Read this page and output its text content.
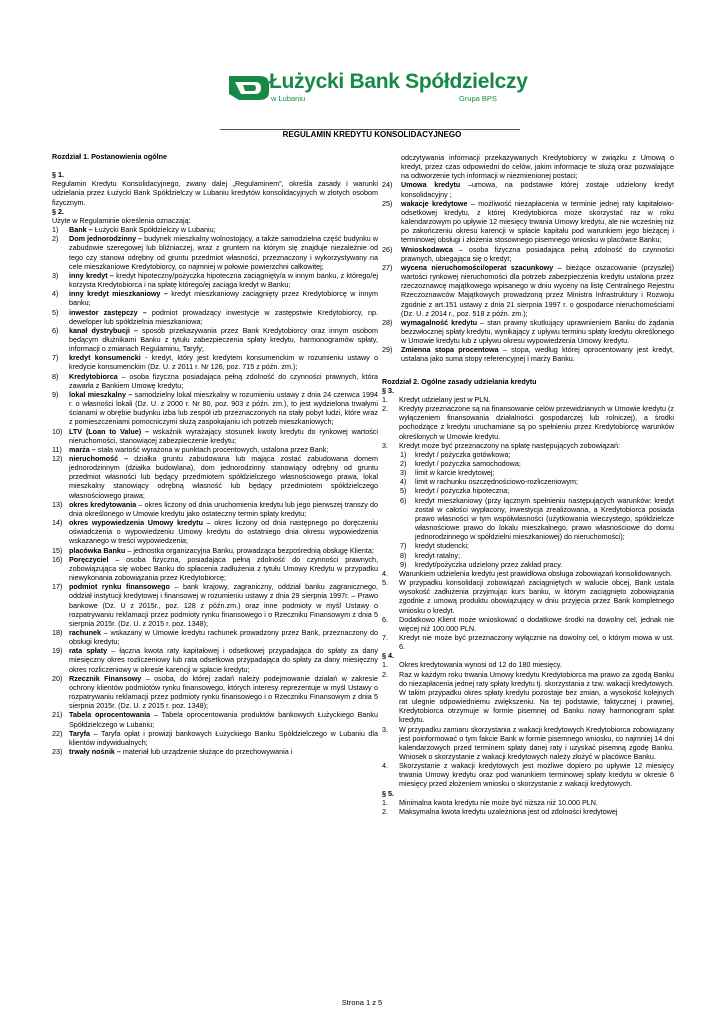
Łużycki Bank Spółdzielczy
w Lubaniu	Grupa BPS
REGULAMIN KREDYTU KONSOLIDACYJNEGO

Rozdział 1. Postanowienia ogólne

§ 1.

Regulamin Kredytu Konsolidacyjnego, zwany dalej „Regulaminem”, określa zasady i warunki udzielania przez Łużycki Bank Spółdzielczy w Lubaniu kredytów konsolidacyjnych w złotych osobom fizycznym.

§ 2.

Użyte w Regulaminie określenia oznaczają:

1) Bank – Łużycki Bank Spółdzielczy w Lubaniu;
2) Dom jednorodzinny – budynek mieszkalny wolnostojący, a także samodzielna część budynku w zabudowie szeregowej lub bliźniaczej, wraz z gruntem na którym się znajduje niezależnie od tego czy stanowi odrębny od gruntu przedmiot własności, przeznaczony i wykorzystywany na cele mieszkaniowe Kredytobiorcy, co najmniej w połowie powierzchni całkowitej;
3) inny kredyt – kredyt hipoteczny/pożyczka hipoteczna zaciągnięty/a w innym banku, z którego/ej korzysta Kredytobiorca i na spłatę którego/ej zaciąga kredyt w Banku;
4) inny kredyt mieszkaniowy – kredyt mieszkaniowy zaciągnięty przez Kredytobiorcę w innym banku;
5) inwestor zastępczy – podmiot prowadzący inwestycje w zastępstwie Kredytobiorcy, np. deweloper lub spółdzielnia mieszkaniowa;
6) kanał dystrybucji – sposób przekazywania przez Bank Kredytobiorcy oraz innym osobom będącym dłużnikami Banku z tytułu zabezpieczenia spłaty kredytu, harmonogramów spłaty, informacji o zmianach Regulaminu, Taryfy;
7) kredyt konsumencki - kredyt, który jest kredytem konsumenckim w rozumieniu ustawy o kredycie konsumenckim (Dz. U. z 2011 r. Nr 126, poz. 715 z późn. zm.);
8) Kredytobiorca – osoba fizyczna posiadająca pełną zdolność do czynności prawnych, która zawarła z Bankiem Umowę kredytu;
9) lokal mieszkalny – samodzielny lokal mieszkalny w rozumieniu ustawy z dnia 24 czerwca 1994 r. o własności lokali (Dz. U. z 2000 r. Nr 80, poz. 903 z późn. zm.), to jest wydzielona trwałymi ścianami w obrębie budynku izba lub zespół izb przeznaczonych na stały pobyt ludzi, które wraz z pomieszczeniami pomocniczymi służą zaspokajaniu ich potrzeb mieszkaniowych;
10) LTV (Loan to Value) – wskaźnik wyrażający stosunek kwoty kredytu do rynkowej wartości nieruchomości, stanowiącej zabezpieczenie kredytu;
11) marża – stała wartość wyrażona w punktach procentowych, ustalona przez Bank;
12) nieruchomość – działka gruntu zabudowana lub mająca zostać zabudowana domem jednorodzinnym (działka budowlana), dom jednorodzinny stanowiący odrębny od gruntu przedmiot własności lub będący przedmiotem spółdzielczego własnościowego prawa, lokal mieszkalny stanowiący odrębną własność lub będący przedmiotem spółdzielczego własnościowego prawa;
13) okres kredytowania – okres liczony od dnia uruchomienia kredytu lub jego pierwszej transzy do dnia określonego w Umowie kredytu jako ostateczny termin spłaty kredytu;
14) okres wypowiedzenia Umowy kredytu – okres liczony od dnia następnego po doręczeniu oświadczenia o wypowiedzeniu Umowy kredytu do ostatniego dnia okresu wypowiedzenia wskazanego w treści wypowiedzenia;
15) placówka Banku – jednostka organizacyjna Banku, prowadząca bezpośrednią obsługę Klienta;
16) Poręczyciel – osoba fizyczna, posiadająca pełną zdolność do czynności prawnych, zobowiązująca się wobec Banku do spłacenia zadłużenia z tytułu Umowy Kredytu w przypadku niewykonania zobowiązania przez Kredytobiorcę;
17) podmiot rynku finansowego – bank krajowy, zagraniczny, oddział banku zagranicznego, oddział instytucji kredytowej i finansowej w rozumieniu ustawy z dnia 29 sierpnia 1997r. – Prawo bankowe (Dz. U z 2015r., poz. 128 z późn.zm.) oraz inne podmioty w myśl Ustawy o rozpatrywaniu reklamacji przez podmioty rynku finansowego i o Rzeczniku Finansowym z dnia 5 sierpnia 2015r. (Dz. U. z 2015 r. poz. 1348);
18) rachunek – wskazany w Umowie kredytu rachunek prowadzony przez Bank, przeznaczony do obsługi kredytu;
19) rata spłaty – łączna kwota raty kapitałowej i odsetkowej przypadająca do spłaty za dany miesięczny okres rozliczeniowy lub rata odsetkowa przypadająca do spłaty za dany miesięczny okres rozliczeniowy w okresie karencji w spłacie kredytu;
20) Rzecznik Finansowy – osoba, do której zadań należy podejmowanie działań w zakresie ochrony klientów podmiotów rynku finansowego, których interesy reprezentuje w myśl Ustawy o rozpatrywaniu reklamacji przez podmioty rynku finansowego i o Rzeczniku Finansowym z dnia 5 sierpnia 2015r. (Dz. U. z 2015 r. poz. 1348);
21) Tabela oprocentowania – Tabela oprocentowania produktów bankowych Łużyckiego Banku Spółdzielczego w Lubaniu;
22) Taryfa – Taryfa opłat i prowizji bankowych Łużyckiego Banku Spółdzielczego w Lubaniu dla klientów indywidualnych;
23) trwały nośnik – materiał lub urządzenie służące do przechowywania i

odczytywania informacji przekazywanych Kredytobiorcy w związku z Umową o kredyt, przez czas odpowiedni do celów, jakim informacje te służą oraz pozwalające na odtworzenie tych informacji w niezmienionej postaci;

24) Umowa kredytu –umowa, na podstawie której zostaje udzielony kredyt konsolidacyjny ;
25) wakacje kredytowe – możliwość niezapłacenia w terminie jednej raty kapitałowo-odsetkowej kredytu, z której Kredytobiorca może skorzystać raz w roku kalendarzowym po upływie 12 miesięcy trwania Umowy kredytu, ale nie wcześniej niż po zakończeniu okresu karencji w spłacie kapitału pod warunkiem jego bieżącej i terminowej obsługi i złożenia stosownego pisemnego wniosku w placówce Banku;
26) Wnioskodawca – osoba fizyczna posiadająca pełną zdolność do czynności prawnych, ubiegająca się o kredyt;
27) wycena nieruchomości/operat szacunkowy – bieżące oszacowanie (przyszłej) wartości rynkowej nieruchomości dla potrzeb zabezpieczenia kredytu ustalona przez rzeczoznawcę majątkowego wpisanego w dniu wyceny na listę Centralnego Rejestru Rzeczoznawców Majątkowych prowadzoną przez Ministra Infrastruktury i Rozwoju zgodnie z art.151 ustawy z dnia 21 sierpnia 1997 r. o gospodarce nieruchomościami (Dz. U. z 2014 r., poz. 518 z późn. zm.);
28) wymagalność kredytu – stan prawny skutkujący uprawnieniem Banku do żądania bezzwłocznej spłaty kredytu, wynikający z upływu terminu spłaty kredytu określonego w Umowie kredytu lub z upływu okresu wypowiedzenia Umowy kredytu.
29) Zmienna stopa procentowa – stopa, według której oprocentowany jest kredyt, ustalana jako suma stopy referencyjnej i marży Banku.

Rozdział 2. Ogólne zasady udzielania kredytu

§ 3.

1. Kredyt udzielany jest w PLN.
2. Kredyty przeznaczone są na finansowanie celów przewidzianych w Umowie kredytu (z wyłączeniem finansowania działalności gospodarczej lub rolniczej), a środki pochodzące z kredytu uruchamiane są po spełnieniu przez Kredytobiorcę warunków określonych w Umowie kredytu.
3. Kredyt może być przeznaczony na spłatę następujących zobowiązań:
1) kredyt / pożyczka gotówkowa;
2) kredyt / pożyczka samochodowa;
3) limit w karcie kredytowej;
4) limit w rachunku oszczędnościowo-rozliczeniowym;
5) kredyt / pożyczka hipoteczna;
6) kredyt mieszkaniowy (przy łącznym spełnieniu następujących warunków: kredyt został w całości wypłacony, inwestycja zrealizowana, a Kredytobiorca posiada prawo własności w tym współwłasności (użytkowania wieczystego, spółdzielcze własnościowe prawo do lokalu mieszkalnego, prawo własnościowe do domu jednorodzinnego w spółdzielni mieszkaniowej) do nieruchomości);
7) kredyt studencki;
8) kredyt ratalny;
9) kredyt/pożyczka udzielony przez zakład pracy.
4. Warunkiem udzielenia kredytu jest prawidłowa obsługa zobowiązań konsolidowanych.
5. W przypadku konsolidacji zobowiązań zaciągniętych w walucie obcej, Bank ustala wysokość zadłużenia przyjmując kurs banku, w którym zaciągnięto zobowiązania zgodnie z umową produktu obowiązujący w dniu przyjęcia przez Bank kompletnego wniosku o kredyt.
6. Dodatkowo Klient może wnioskować o dodatkowe środki na dowolny cel, jednak nie więcej niż 100.000 PLN.
7. Kredyt nie może być przeznaczony wyłącznie na dowolny cel, o którym mowa w ust. 6.

§ 4.

1. Okres kredytowania wynosi od 12 do 180 miesięcy.
2. Raz w każdym roku trwania Umowy kredytu Kredytobiorca ma prawo za zgodą Banku do niezapłacenia jednej raty spłaty kredytu tj. skorzystania z tzw. wakacji kredytowych. W takim przypadku okres spłaty kredytu pozostaje bez zmian, a wysokość kolejnych rat ulegnie odpowiedniemu zwiększeniu. Na tej podstawie, faktycznej i prawnej, Kredytobiorca otrzymuje w formie pisemnej od Banku nowy harmonogram spłat kredytu.
3. W przypadku zamiaru skorzystania z wakacji kredytowych Kredytobiorca zobowiązany jest poinformować o tym fakcie Bank w formie pisemnego wniosku, co najmniej 14 dni kalendarzowych przed terminem spłaty danej raty i uzyskać pisemną zgodę Banku. Wniosek o skorzystanie z wakacji kredytowych należy złożyć w placówce Banku.
4. Skorzystanie z wakacji kredytowych jest możliwe dopiero po upływie 12 miesięcy trwania Umowy kredytu oraz pod warunkiem terminowej spłaty kredytu w okresie 6 miesięcy przed złożeniem wniosku o skorzystanie z wakacji kredytowych.

§ 5.

1. Minimalna kwota kredytu nie może być niższa niż 10.000 PLN.
2. Maksymalna kwota kredytu uzależniona jest od zdolności kredytowej
Strona 1 z 5
